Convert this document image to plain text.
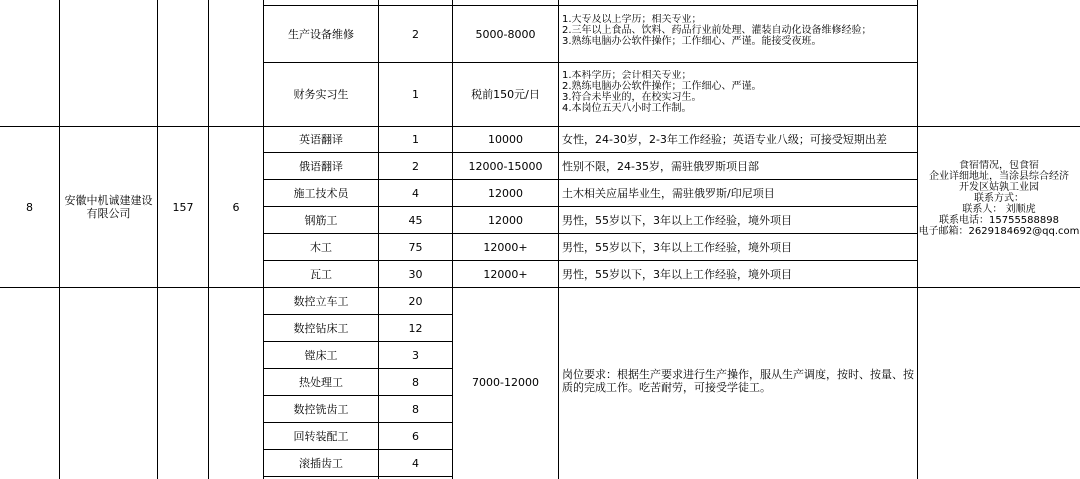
生产设备维修	2	5000-8000
1.大专及以上学历；相关专业；
2.三年以上食品、饮料、药品行业前处理、灌装自动化设备维修经验；
3.熟练电脑办公软件操作；工作细心、严谨。能接受夜班。
财务实习生	1	税前150元/日
1.本科学历；会计相关专业；
2.熟练电脑办公软件操作；工作细心、严谨。
3.符合未毕业的，在校实习生。
4.本岗位五天八小时工作制。
8	安徽中机诚建建设
有限公司	157	6
英语翻译	1	10000	女性，24-30岁，2-3年工作经验；英语专业八级；可接受短期出差
俄语翻译	2	12000-15000	性别不限，24-35岁，需驻俄罗斯项目部
施工技术员	4	12000	土木相关应届毕业生，需驻俄罗斯/印尼项目
钢筋工	45	12000	男性，55岁以下，3年以上工作经验，境外项目
木工	75	12000+	男性，55岁以下，3年以上工作经验，境外项目
瓦工	30	12000+	男性，55岁以下，3年以上工作经验，境外项目
食宿情况，包食宿
企业详细地址，当涂县综合经济
开发区姑孰工业园
联系方式：
联系人： 刘顺虎
联系电话：15755588898
电子邮箱：2629184692@qq.com
数控立车工	20
数控钻床工	12
镗床工	3
热处理工	8
数控铣齿工	8
回转装配工	6
滚插齿工	4
7000-12000
岗位要求：根据生产要求进行生产操作，服从生产调度，按时、按量、按
质的完成工作。吃苦耐劳，可接受学徒工。
